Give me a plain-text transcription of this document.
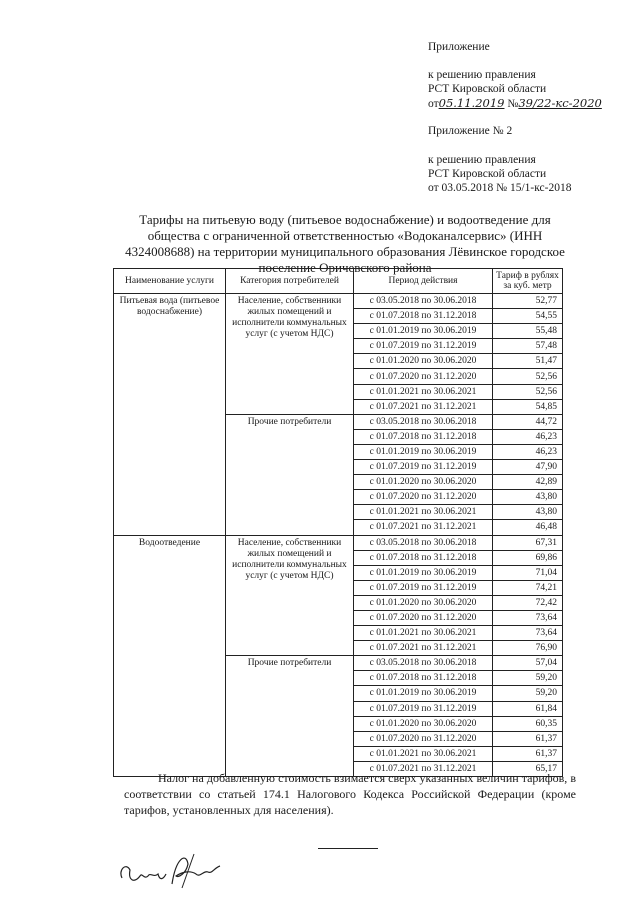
Приложение
к решению правления
РСТ Кировской области
от05.11.2019 №39/22-кс-2020
Приложение № 2
к решению правления
РСТ Кировской области
от 03.05.2018 № 15/1-кс-2018
Тарифы на питьевую воду (питьевое водоснабжение) и водоотведение для общества с ограниченной ответственностью «Водоканалсервис» (ИНН 4324008688) на территории муниципального образования Лёвинское городское поселение Оричевского района
Наименование услуги	Категория потребителей	Период действия	Тариф в рублях за куб. метр
Питьевая вода (питьевое водоснабжение)	Население, собственники жилых помещений и исполнители коммунальных услуг (с учетом НДС)	с 03.05.2018 по 30.06.2018	52,77
		с 01.07.2018 по 31.12.2018	54,55
		с 01.01.2019 по 30.06.2019	55,48
		с 01.07.2019 по 31.12.2019	57,48
		с 01.01.2020 по 30.06.2020	51,47
		с 01.07.2020 по 31.12.2020	52,56
		с 01.01.2021 по 30.06.2021	52,56
		с 01.07.2021 по 31.12.2021	54,85
	Прочие потребители	с 03.05.2018 по 30.06.2018	44,72
		с 01.07.2018 по 31.12.2018	46,23
		с 01.01.2019 по 30.06.2019	46,23
		с 01.07.2019 по 31.12.2019	47,90
		с 01.01.2020 по 30.06.2020	42,89
		с 01.07.2020 по 31.12.2020	43,80
		с 01.01.2021 по 30.06.2021	43,80
		с 01.07.2021 по 31.12.2021	46,48
Водоотведение	Население, собственники жилых помещений и исполнители коммунальных услуг (с учетом НДС)	с 03.05.2018 по 30.06.2018	67,31
		с 01.07.2018 по 31.12.2018	69,86
		с 01.01.2019 по 30.06.2019	71,04
		с 01.07.2019 по 31.12.2019	74,21
		с 01.01.2020 по 30.06.2020	72,42
		с 01.07.2020 по 31.12.2020	73,64
		с 01.01.2021 по 30.06.2021	73,64
		с 01.07.2021 по 31.12.2021	76,90
	Прочие потребители	с 03.05.2018 по 30.06.2018	57,04
		с 01.07.2018 по 31.12.2018	59,20
		с 01.01.2019 по 30.06.2019	59,20
		с 01.07.2019 по 31.12.2019	61,84
		с 01.01.2020 по 30.06.2020	60,35
		с 01.07.2020 по 31.12.2020	61,37
		с 01.01.2021 по 30.06.2021	61,37
		с 01.07.2021 по 31.12.2021	65,17
Налог на добавленную стоимость взимается сверх указанных величин тарифов, в соответствии со статьей 174.1 Налогового Кодекса Российской Федерации (кроме тарифов, установленных для населения).
